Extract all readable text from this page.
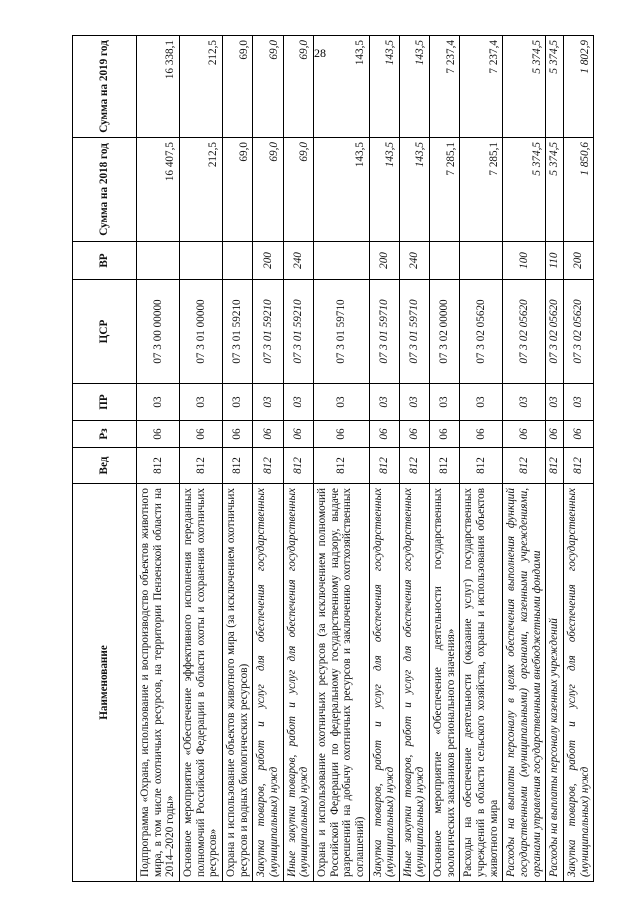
28
Наименование	Вед	Рз	ПР	ЦСР	ВР	Сумма на 2018 год	Сумма на 2019 год
Подпрограмма «Охрана, использование и воспроизводство объектов животного мира, в том числе охотничьих ресурсов, на территории Пензенской области на 2014–2020 годы»	812	06	03	07 3 00 00000		16 407,5	16 338,1
Основное мероприятие «Обеспечение эффективного исполнения переданных полномочий Российской Федерации в области охоты и сохранения охотничьих ресурсов»	812	06	03	07 3 01 00000		212,5	212,5
Охрана и использование объектов животного мира (за исключением охотничьих ресурсов и водных биологических ресурсов)	812	06	03	07 3 01 59210		69,0	69,0
Закупка товаров, работ и услуг для обеспечения государственных (муниципальных) нужд	812	06	03	07 3 01 59210	200	69,0	69,0
Иные закупки товаров, работ и услуг для обеспечения государственных (муниципальных) нужд	812	06	03	07 3 01 59210	240	69,0	69,0
Охрана и использование охотничьих ресурсов (за исключением полномочий Российской Федерации по федеральному государственному надзору, выдаче разрешений на добычу охотничьих ресурсов и заключению охотхозяйственных соглашений)	812	06	03	07 3 01 59710		143,5	143,5
Закупка товаров, работ и услуг для обеспечения государственных (муниципальных) нужд	812	06	03	07 3 01 59710	200	143,5	143,5
Иные закупки товаров, работ и услуг для обеспечения государственных (муниципальных) нужд	812	06	03	07 3 01 59710	240	143,5	143,5
Основное мероприятие «Обеспечение деятельности государственных зоологических заказников регионального значения»	812	06	03	07 3 02 00000		7 285,1	7 237,4
Расходы на обеспечение деятельности (оказание услуг) государственных учреждений в области сельского хозяйства, охраны и использования объектов животного мира	812	06	03	07 3 02 05620		7 285,1	7 237,4
Расходы на выплаты персоналу в целях обеспечения выполнения функций государственными (муниципальными) органами, казенными учреждениями, органами управления государственными внебюджетными фондами	812	06	03	07 3 02 05620	100	5 374,5	5 374,5
Расходы на выплаты персоналу казенных учреждений	812	06	03	07 3 02 05620	110	5 374,5	5 374,5
Закупка товаров, работ и услуг для обеспечения государственных (муниципальных) нужд	812	06	03	07 3 02 05620	200	1 850,6	1 802,9
